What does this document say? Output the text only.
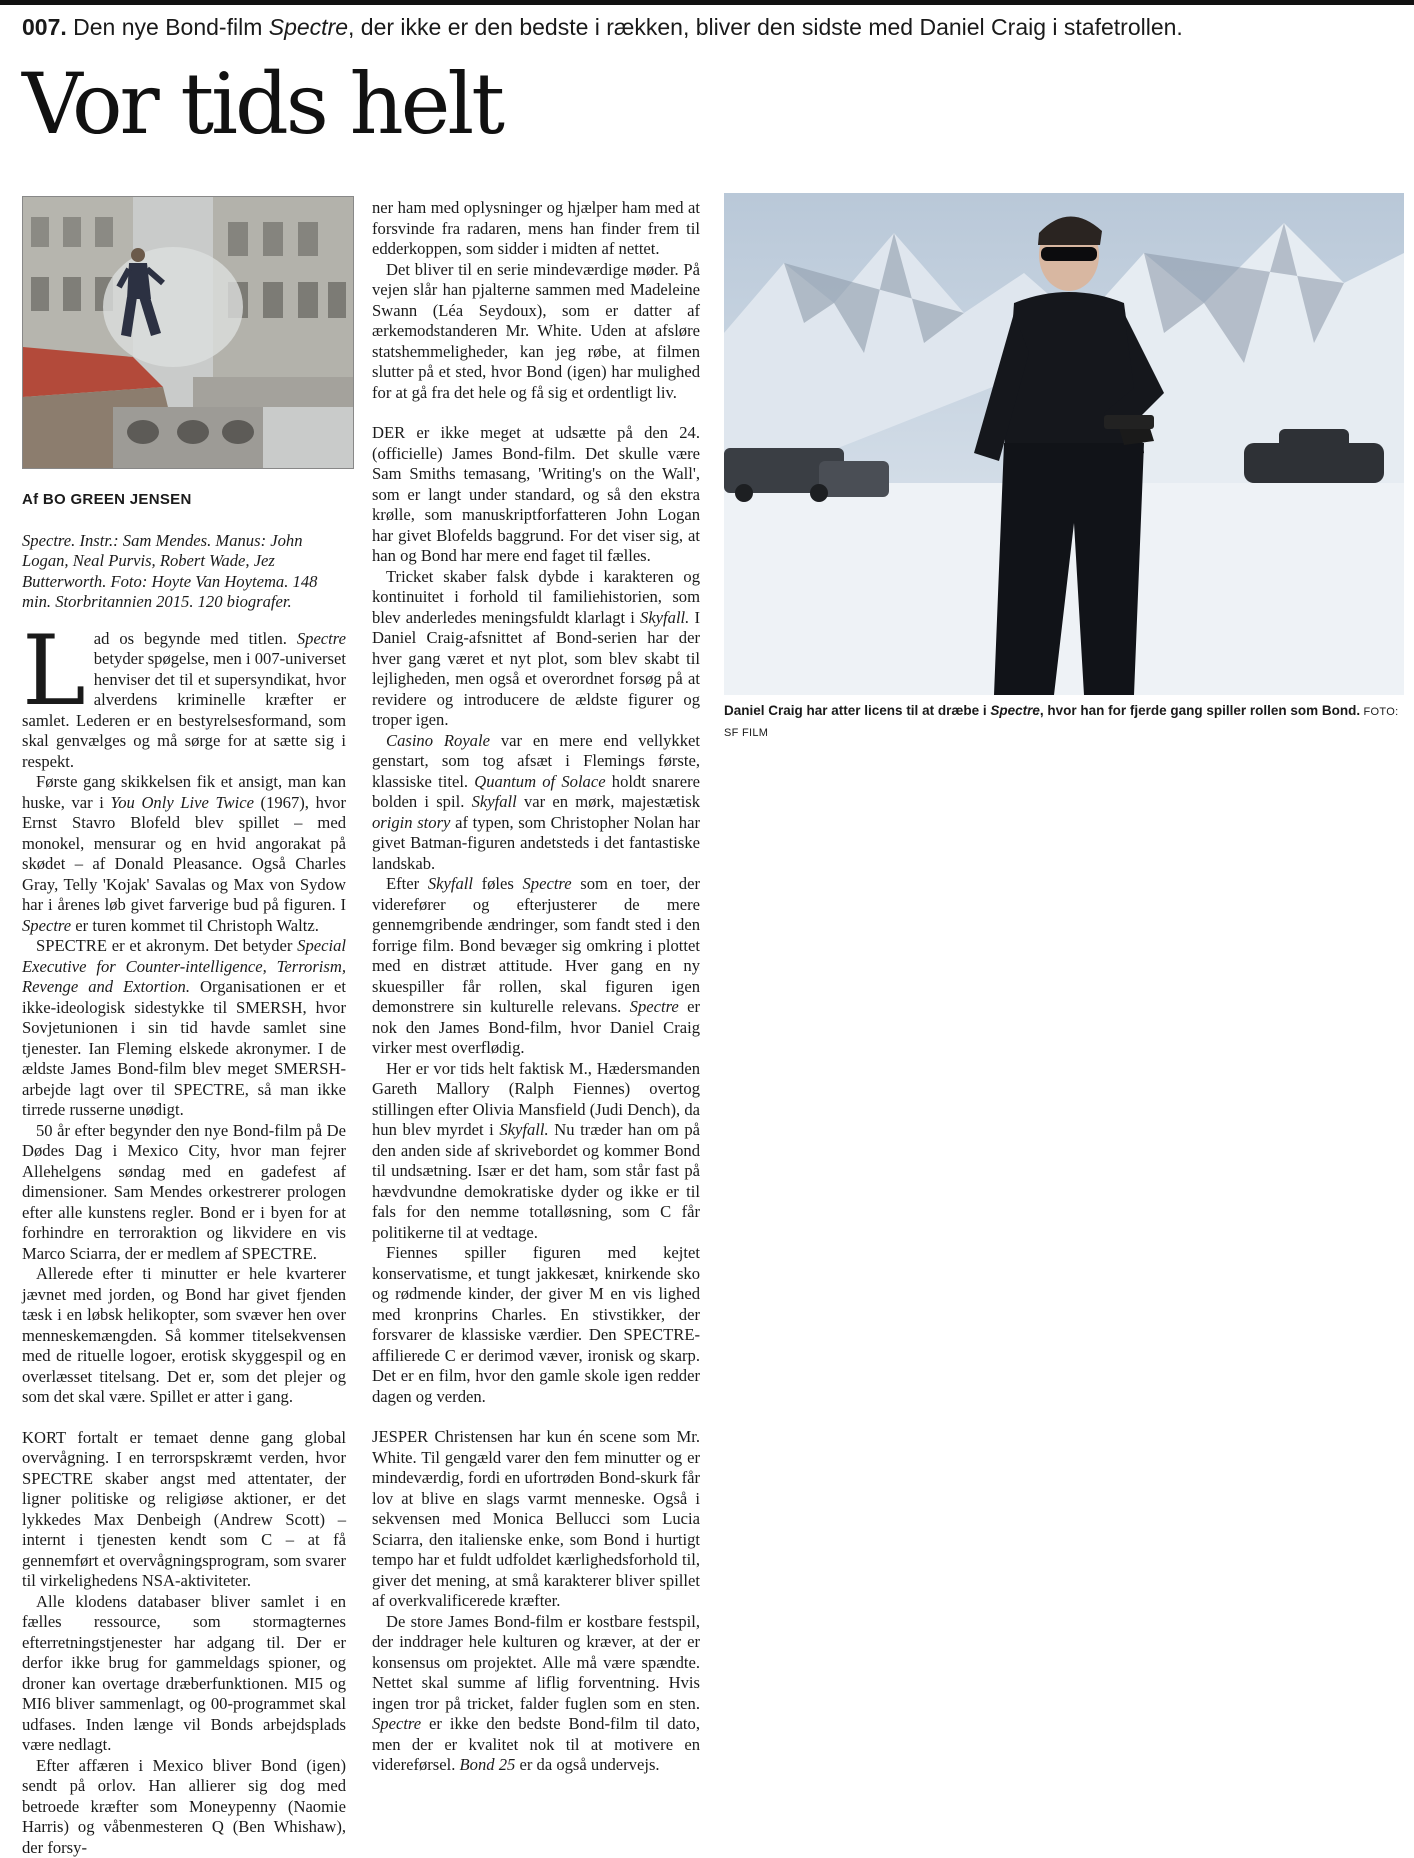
007. Den nye Bond-film Spectre, der ikke er den bedste i rækken, bliver den sidste med Daniel Craig i stafetrollen.
Vor tids helt
Af BO GREEN JENSEN

Spectre. Instr.: Sam Mendes. Manus: John Logan, Neal Purvis, Robert Wade, Jez Butterworth. Foto: Hoyte Van Hoytema. 148 min. Storbritannien 2015. 120 biografer.

Lad os begynde med titlen. Spectre betyder spøgelse, men i 007-universet henviser det til et supersyndikat, hvor alverdens kriminelle kræfter er samlet. Lederen er en bestyrelsesformand, som skal genvælges og må sørge for at sætte sig i respekt.

Første gang skikkelsen fik et ansigt, man kan huske, var i You Only Live Twice (1967), hvor Ernst Stavro Blofeld blev spillet – med monokel, mensurar og en hvid angorakat på skødet – af Donald Pleasance. Også Charles Gray, Telly 'Kojak' Savalas og Max von Sydow har i årenes løb givet farverige bud på figuren. I Spectre er turen kommet til Christoph Waltz.

SPECTRE er et akronym. Det betyder Special Executive for Counter-intelligence, Terrorism, Revenge and Extortion. Organisationen er et ikke-ideologisk sidestykke til SMERSH, hvor Sovjetunionen i sin tid havde samlet sine tjenester. Ian Fleming elskede akronymer. I de ældste James Bond-film blev meget SMERSH-arbejde lagt over til SPECTRE, så man ikke tirrede russerne unødigt.

50 år efter begynder den nye Bond-film på De Dødes Dag i Mexico City, hvor man fejrer Allehelgens søndag med en gadefest af dimensioner. Sam Mendes orkestrerer prologen efter alle kunstens regler. Bond er i byen for at forhindre en terroraktion og likvidere en vis Marco Sciarra, der er medlem af SPECTRE.

Allerede efter ti minutter er hele kvarterer jævnet med jorden, og Bond har givet fjenden tæsk i en løbsk helikopter, som svæver hen over menneskemængden. Så kommer titelsekvensen med de rituelle logoer, erotisk skyggespil og en overlæsset titelsang. Det er, som det plejer og som det skal være. Spillet er atter i gang.

KORT fortalt er temaet denne gang global overvågning. I en terrorspskræmt verden, hvor SPECTRE skaber angst med attentater, der ligner politiske og religiøse aktioner, er det lykkedes Max Denbeigh (Andrew Scott) – internt i tjenesten kendt som C – at få gennemført et overvågningsprogram, som svarer til virkelighedens NSA-aktiviteter.

Alle klodens databaser bliver samlet i en fælles ressource, som stormagternes efterretningstjenester har adgang til. Der er derfor ikke brug for gammeldags spioner, og droner kan overtage dræberfunktionen. MI5 og MI6 bliver sammenlagt, og 00-programmet skal udfases. Inden længe vil Bonds arbejdsplads være nedlagt.

Efter affæren i Mexico bliver Bond (igen) sendt på orlov. Han allierer sig dog med betroede kræfter som Moneypenny (Naomie Harris) og våbenmesteren Q (Ben Whishaw), der forsy-

ner ham med oplysninger og hjælper ham med at forsvinde fra radaren, mens han finder frem til edderkoppen, som sidder i midten af nettet.

Det bliver til en serie mindeværdige møder. På vejen slår han pjalterne sammen med Madeleine Swann (Léa Seydoux), som er datter af ærkemodstanderen Mr. White. Uden at afsløre statshemmeligheder, kan jeg røbe, at filmen slutter på et sted, hvor Bond (igen) har mulighed for at gå fra det hele og få sig et ordentligt liv.

DER er ikke meget at udsætte på den 24. (officielle) James Bond-film. Det skulle være Sam Smiths temasang, 'Writing's on the Wall', som er langt under standard, og så den ekstra krølle, som manuskriptforfatteren John Logan har givet Blofelds baggrund. For det viser sig, at han og Bond har mere end faget til fælles.

Tricket skaber falsk dybde i karakteren og kontinuitet i forhold til familiehistorien, som blev anderledes meningsfuldt klarlagt i Skyfall. I Daniel Craig-afsnittet af Bond-serien har der hver gang været et nyt plot, som blev skabt til lejligheden, men også et overordnet forsøg på at revidere og introducere de ældste figurer og troper igen.

Casino Royale var en mere end vellykket genstart, som tog afsæt i Flemings første, klassiske titel. Quantum of Solace holdt snarere bolden i spil. Skyfall var en mørk, majestætisk origin story af typen, som Christopher Nolan har givet Batman-figuren andetsteds i det fantastiske landskab.

Efter Skyfall føles Spectre som en toer, der viderefører og efterjusterer de mere gennemgribende ændringer, som fandt sted i den forrige film. Bond bevæger sig omkring i plottet med en distræt attitude. Hver gang en ny skuespiller får rollen, skal figuren igen demonstrere sin kulturelle relevans. Spectre er nok den James Bond-film, hvor Daniel Craig virker mest overflødig.

Her er vor tids helt faktisk M., Hædersmanden Gareth Mallory (Ralph Fiennes) overtog stillingen efter Olivia Mansfield (Judi Dench), da hun blev myrdet i Skyfall. Nu træder han om på den anden side af skrivebordet og kommer Bond til undsætning. Især er det ham, som står fast på hævdvundne demokratiske dyder og ikke er til fals for den nemme totalløsning, som C får politikerne til at vedtage.

Fiennes spiller figuren med kejtet konservatisme, et tungt jakkesæt, knirkende sko og rødmende kinder, der giver M en vis lighed med kronprins Charles. En stivstikker, der forsvarer de klassiske værdier. Den SPECTRE-affilierede C er derimod væver, ironisk og skarp. Det er en film, hvor den gamle skole igen redder dagen og verden.

JESPER Christensen har kun én scene som Mr. White. Til gengæld varer den fem minutter og er mindeværdig, fordi en ufortrøden Bond-skurk får lov at blive en slags varmt menneske. Også i sekvensen med Monica Bellucci som Lucia Sciarra, den italienske enke, som Bond i hurtigt tempo har et fuldt udfoldet kærlighedsforhold til, giver det mening, at små karakterer bliver spillet af overkvalificerede kræfter.

De store James Bond-film er kostbare festspil, der inddrager hele kulturen og kræver, at der er konsensus om projektet. Alle må være spændte. Nettet skal summe af liflig forventning. Hvis ingen tror på tricket, falder fuglen som en sten. Spectre er ikke den bedste Bond-film til dato, men der er kvalitet nok til at motivere en videreførsel. Bond 25 er da også undervejs.

Daniel Craig har atter licens til at dræbe i Spectre, hvor han for fjerde gang spiller rollen som Bond. FOTO: SF FILM
